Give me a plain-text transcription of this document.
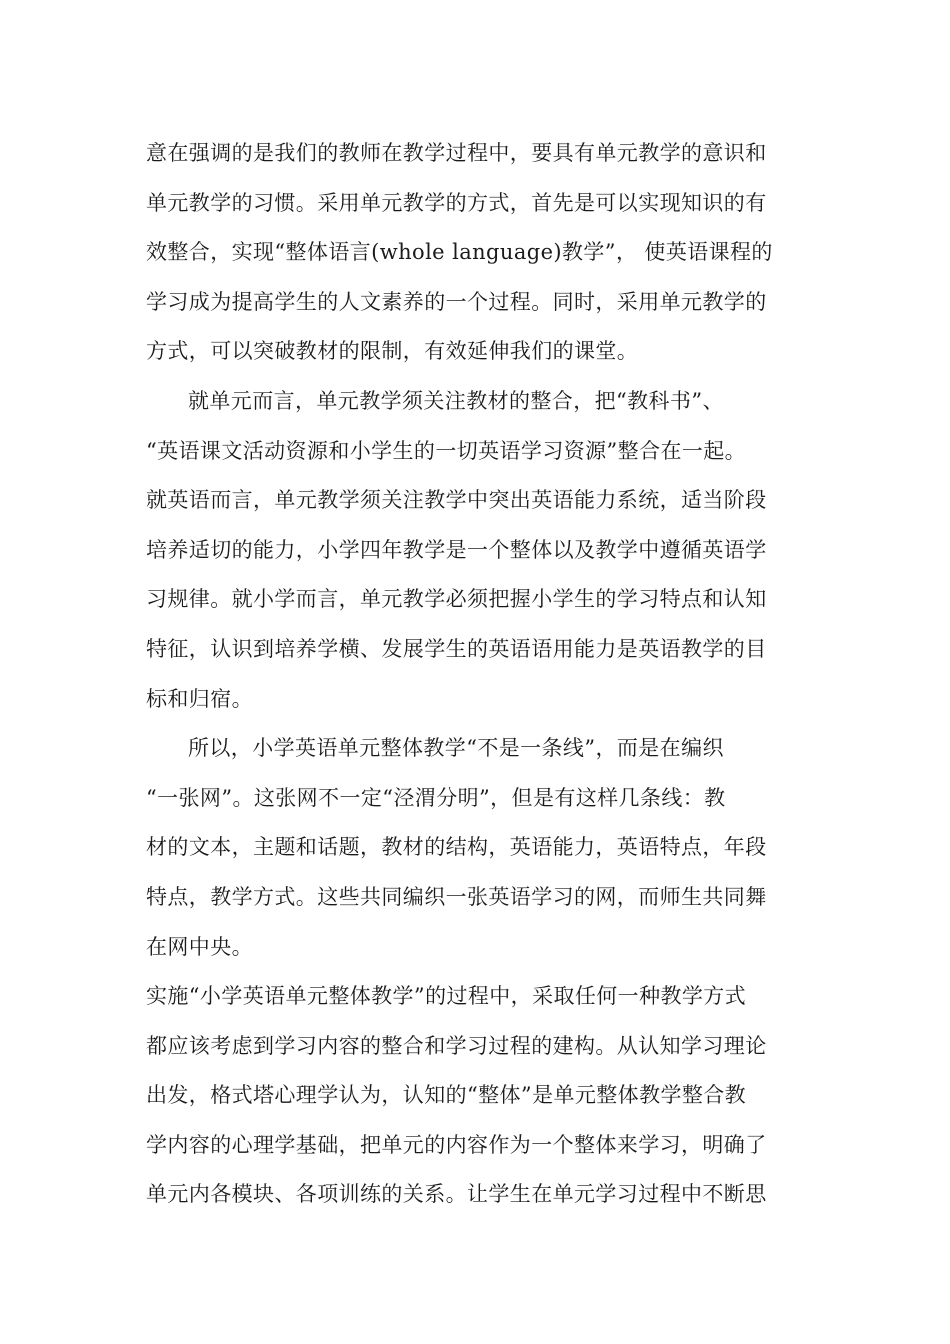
意在强调的是我们的教师在教学过程中，要具有单元教学的意识和
单元教学的习惯。采用单元教学的方式，首先是可以实现知识的有
效整合，实现“整体语言(whole language)教学”， 使英语课程的
学习成为提高学生的人文素养的一个过程。同时，采用单元教学的
方式，可以突破教材的限制，有效延伸我们的课堂。
就单元而言，单元教学须关注教材的整合，把“教科书”、
“英语课文活动资源和小学生的一切英语学习资源”整合在一起。
就英语而言，单元教学须关注教学中突出英语能力系统，适当阶段
培养适切的能力，小学四年教学是一个整体以及教学中遵循英语学
习规律。就小学而言，单元教学必须把握小学生的学习特点和认知
特征，认识到培养学横、发展学生的英语语用能力是英语教学的目
标和归宿。
所以，小学英语单元整体教学“不是一条线”，而是在编织
“一张网”。这张网不一定“泾渭分明”，但是有这样几条线：教
材的文本，主题和话题，教材的结构，英语能力，英语特点，年段
特点，教学方式。这些共同编织一张英语学习的网，而师生共同舞
在网中央。
实施“小学英语单元整体教学”的过程中，采取任何一种教学方式
都应该考虑到学习内容的整合和学习过程的建构。从认知学习理论
出发，格式塔心理学认为，认知的“整体”是单元整体教学整合教
学内容的心理学基础，把单元的内容作为一个整体来学习，明确了
单元内各模块、各项训练的关系。让学生在单元学习过程中不断思
